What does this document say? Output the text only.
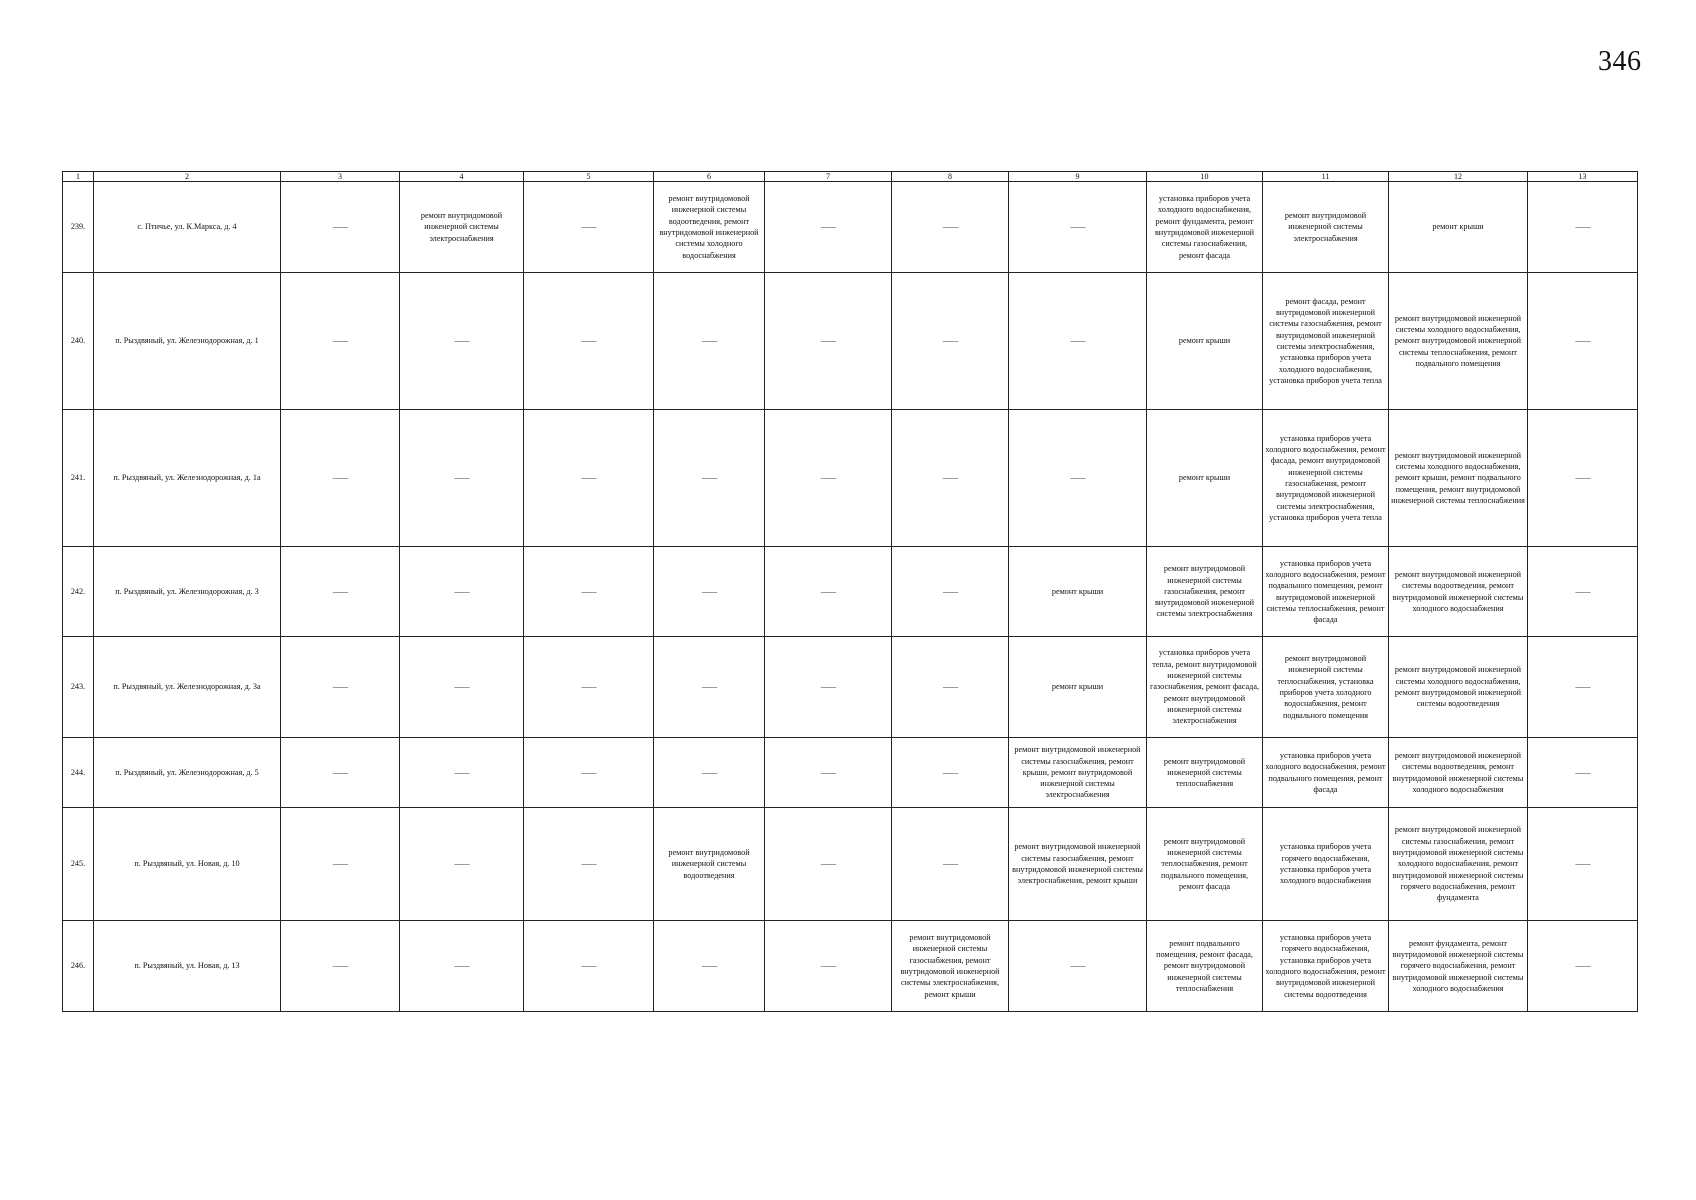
346
1	2	3	4	5	6	7	8	9	10	11	12	13
239.	с. Птичье, ул. К.Маркса, д. 4	——	ремонт внутридомовой инженерной системы электроснабжения	——	ремонт внутридомовой инженерной системы водоотведения, ремонт внутридомовой инженерной системы холодного водоснабжения	——	——	——	установка приборов учета холодного водоснабжения, ремонт фундамента, ремонт внутридомовой инженерной системы газоснабжения, ремонт фасада	ремонт внутридомовой инженерной системы электроснабжения	ремонт крыши	——
240.	п. Рыздвяный, ул. Железнодорожная, д. 1	——	——	——	——	——	——	——	ремонт крыши	ремонт фасада, ремонт внутридомовой инженерной системы газоснабжения, ремонт внутридомовой инженерной системы электроснабжения, установка приборов учета холодного водоснабжения, установка приборов учета тепла	ремонт внутридомовой инженерной системы холодного водоснабжения, ремонт внутридомовой инженерной системы теплоснабжения, ремонт подвального помещения	——
241.	п. Рыздвяный, ул. Железнодорожная, д. 1а	——	——	——	——	——	——	——	ремонт крыши	установка приборов учета холодного водоснабжения, ремонт фасада, ремонт внутридомовой инженерной системы газоснабжения, ремонт внутридомовой инженерной системы электроснабжения, установка приборов учета тепла	ремонт внутридомовой инженерной системы холодного водоснабжения, ремонт крыши, ремонт подвального помещения, ремонт внутридомовой инженерной системы теплоснабжения	——
242.	п. Рыздвяный, ул. Железнодорожная, д. 3	——	——	——	——	——	——	ремонт крыши	ремонт внутридомовой инженерной системы газоснабжения, ремонт внутридомовой инженерной системы электроснабжения	установка приборов учета холодного водоснабжения, ремонт подвального помещения, ремонт внутридомовой инженерной системы теплоснабжения, ремонт фасада	ремонт внутридомовой инженерной системы водоотведения, ремонт внутридомовой инженерной системы холодного водоснабжения	——
243.	п. Рыздвяный, ул. Железнодорожная, д. 3а	——	——	——	——	——	——	ремонт крыши	установка приборов учета тепла, ремонт внутридомовой инженерной системы газоснабжения, ремонт фасада, ремонт внутридомовой инженерной системы электроснабжения	ремонт внутридомовой инженерной системы теплоснабжения, установка приборов учета холодного водоснабжения, ремонт подвального помещения	ремонт внутридомовой инженерной системы холодного водоснабжения, ремонт внутридомовой инженерной системы водоотведения	——
244.	п. Рыздвяный, ул. Железнодорожная, д. 5	——	——	——	——	——	——	ремонт внутридомовой инженерной системы газоснабжения, ремонт крыши, ремонт внутридомовой инженерной системы электроснабжения	ремонт внутридомовой инженерной системы теплоснабжения	установка приборов учета холодного водоснабжения, ремонт подвального помещения, ремонт фасада	ремонт внутридомовой инженерной системы водоотведения, ремонт внутридомовой инженерной системы холодного водоснабжения	——
245.	п. Рыздвяный, ул. Новая, д. 10	——	——	——	ремонт внутридомовой инженерной системы водоотведения	——	——	ремонт внутридомовой инженерной системы газоснабжения, ремонт внутридомовой инженерной системы электроснабжения, ремонт крыши	ремонт внутридомовой инженерной системы теплоснабжения, ремонт подвального помещения, ремонт фасада	установка приборов учета горячего водоснабжения, установка приборов учета холодного водоснабжения	ремонт внутридомовой инженерной системы газоснабжения, ремонт внутридомовой инженерной системы холодного водоснабжения, ремонт внутридомовой инженерной системы горячего водоснабжения, ремонт фундамента	——
246.	п. Рыздвяный, ул. Новая, д. 13	——	——	——	——	——	ремонт внутридомовой инженерной системы газоснабжения, ремонт внутридомовой инженерной системы электроснабжения, ремонт крыши	——	ремонт подвального помещения, ремонт фасада, ремонт внутридомовой инженерной системы теплоснабжения	установка приборов учета горячего водоснабжения, установка приборов учета холодного водоснабжения, ремонт внутридомовой инженерной системы водоотведения	ремонт фундамента, ремонт внутридомовой инженерной системы горячего водоснабжения, ремонт внутридомовой инженерной системы холодного водоснабжения	——
